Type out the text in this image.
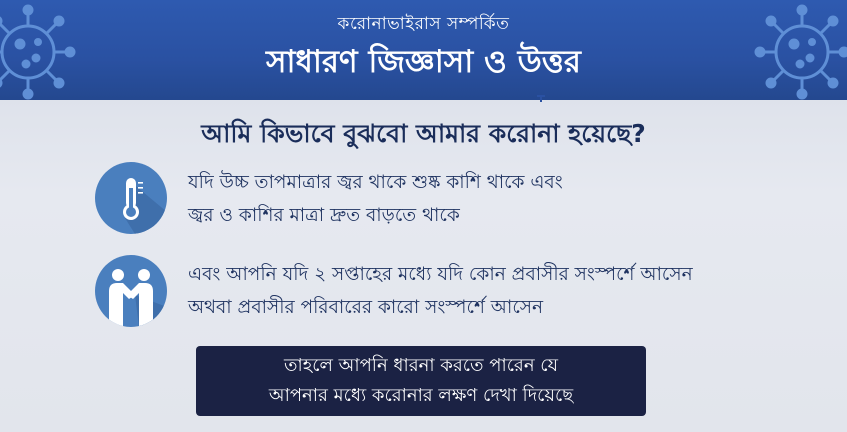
করোনাভাইরাস সম্পর্কিত
সাধারণ জিজ্ঞাসা ও উত্তর
আমি কিভাবে বুঝবো আমার করোনা হয়েছে?
যদি উচ্চ তাপমাত্রার জ্বর থাকে শুষ্ক কাশি থাকে এবং
জ্বর ও কাশির মাত্রা দ্রুত বাড়তে থাকে
এবং আপনি যদি ২ সপ্তাহের মধ্যে যদি কোন প্রবাসীর সংস্পর্শে আসেন
অথবা প্রবাসীর পরিবারের কারো সংস্পর্শে আসেন
তাহলে আপনি ধারনা করতে পারেন যে
আপনার মধ্যে করোনার লক্ষণ দেখা দিয়েছে
